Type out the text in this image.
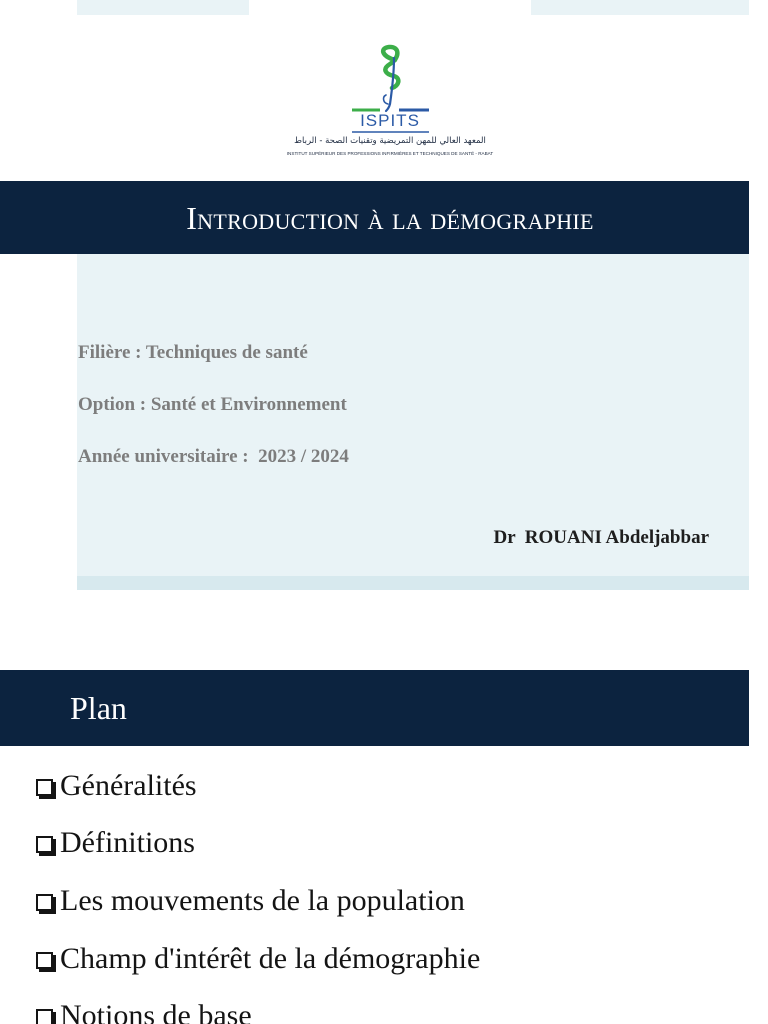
ISPITS
المعهد العالي للمهن التمريضية وتقنيات الصحة - الرباط
INSTITUT SUPÉRIEUR DES PROFESSIONS INFIRMIÈRES ET TECHNIQUES DE SANTÉ - RABAT
Introduction à la démographie
Filière : Techniques de santé
Option : Santé et Environnement
Année universitaire :  2023 / 2024
Dr  ROUANI Abdeljabbar
Plan
Généralités
Définitions
Les mouvements de la population
Champ d'intérêt de la démographie
Notions de base
